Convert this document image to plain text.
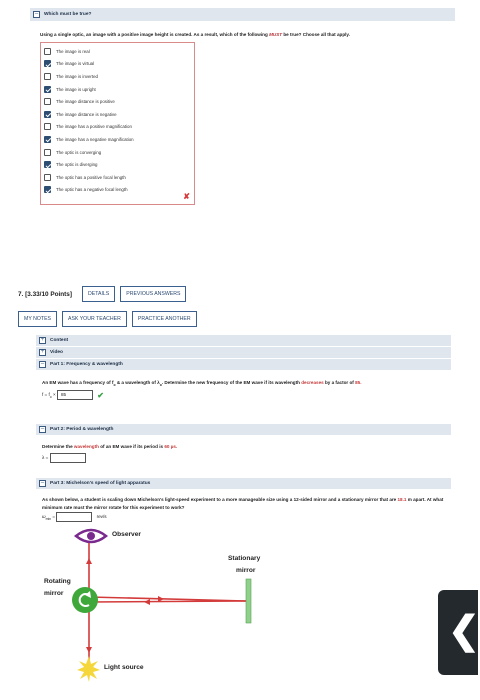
–	Which must be true?
Using a single optic, an image with a positive image height is created. As a result, which of the following MUST be true? Choose all that apply.
The image is real
The image is virtual
The image is inverted
The image is upright
The image distance is positive
The image distance is negative
The image has a positive magnification
The image has a negative magnification
The optic is converging
The optic is diverging
The optic has a positive focal length
The optic has a negative focal length
✘
7. [3.33/10 Points]	DETAILS	PREVIOUS ANSWERS
MY NOTES	ASK YOUR TEACHER	PRACTICE ANOTHER
+	Content
+	Video
–	Part 1: Frequency & wavelength
An EM wave has a frequency of $f_o$ & a wavelength of $\lambda_o$. Determine the new frequency of the EM wave if its wavelength decreases by a factor of 85.
$f = f_o \times 85$	✔
–	Part 2: Period & wavelength
Determine the wavelength of an EM wave if its period is 60 µs.
λ =
–	Part 3: Michelson's speed of light apparatus
As shown below, a student is scaling down Michelson's light-speed experiment to a more manageable size using a 12-sided mirror and a stationary mirror that are 18.1 m apart. At what minimum rate must the mirror rotate for this experiment to work?
$\omega_{min}$ =	rev/s
Observer
Stationary
mirror
Rotating
mirror
Light source
❮
